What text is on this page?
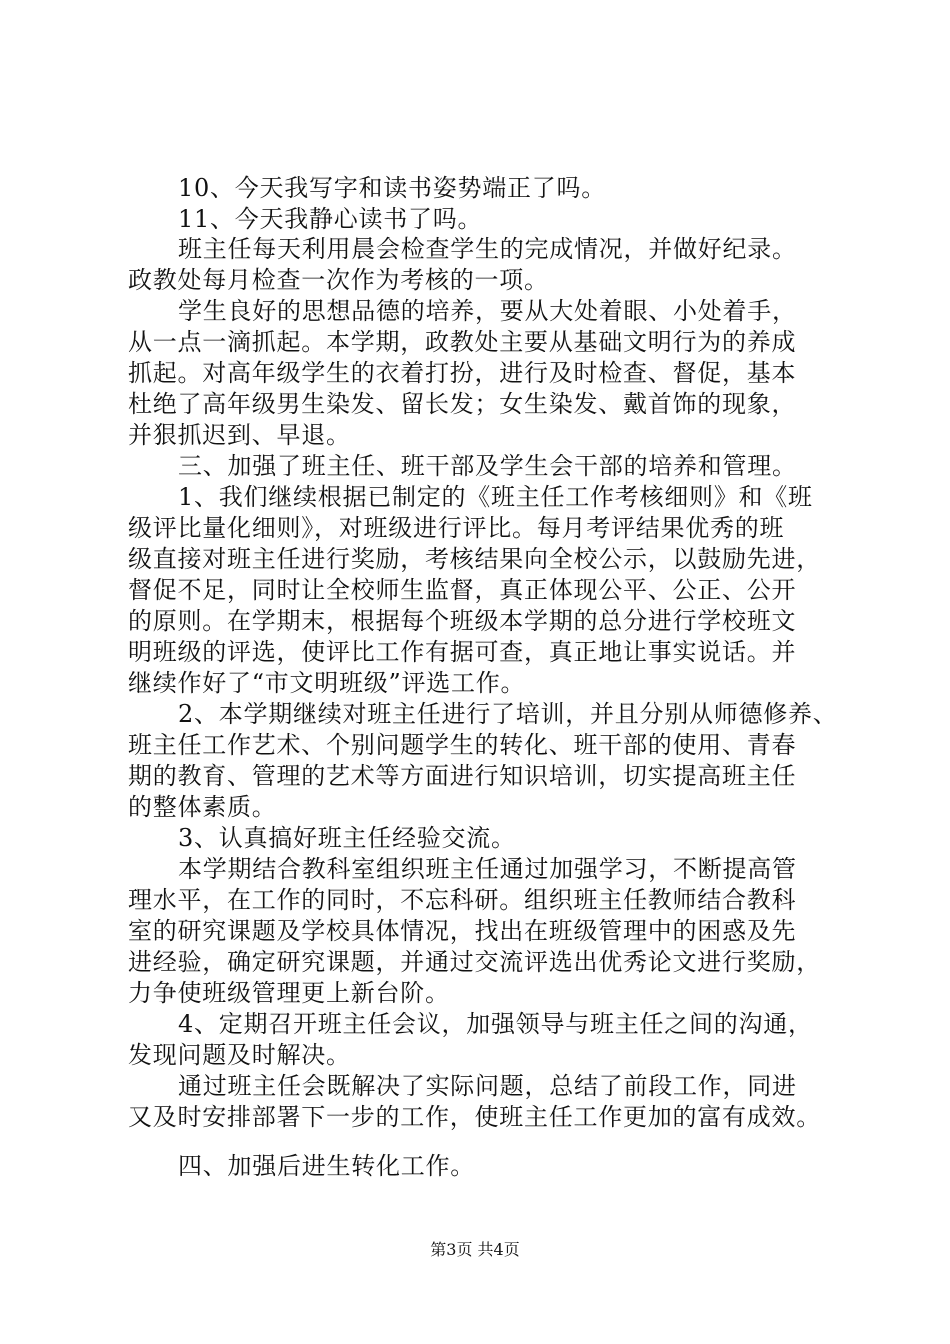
10、今天我写字和读书姿势端正了吗。

11、今天我静心读书了吗。

班主任每天利用晨会检查学生的完成情况，并做好纪录。

政教处每月检查一次作为考核的一项。

学生良好的思想品德的培养，要从大处着眼、小处着手，

从一点一滴抓起。本学期，政教处主要从基础文明行为的养成

抓起。对高年级学生的衣着打扮，进行及时检查、督促，基本

杜绝了高年级男生染发、留长发；女生染发、戴首饰的现象，

并狠抓迟到、早退。

三、加强了班主任、班干部及学生会干部的培养和管理。

1、我们继续根据已制定的《班主任工作考核细则》和《班

级评比量化细则》，对班级进行评比。每月考评结果优秀的班

级直接对班主任进行奖励，考核结果向全校公示，以鼓励先进，

督促不足，同时让全校师生监督，真正体现公平、公正、公开

的原则。在学期末，根据每个班级本学期的总分进行学校班文

明班级的评选，使评比工作有据可查，真正地让事实说话。并

继续作好了“市文明班级”评选工作。

2、本学期继续对班主任进行了培训，并且分别从师德修养、

班主任工作艺术、个别问题学生的转化、班干部的使用、青春

期的教育、管理的艺术等方面进行知识培训，切实提高班主任

的整体素质。

3、认真搞好班主任经验交流。

本学期结合教科室组织班主任通过加强学习，不断提高管

理水平，在工作的同时，不忘科研。组织班主任教师结合教科

室的研究课题及学校具体情况，找出在班级管理中的困惑及先

进经验，确定研究课题，并通过交流评选出优秀论文进行奖励，

力争使班级管理更上新台阶。

4、定期召开班主任会议，加强领导与班主任之间的沟通，

发现问题及时解决。

通过班主任会既解决了实际问题，总结了前段工作，同进

又及时安排部署下一步的工作，使班主任工作更加的富有成效。

四、加强后进生转化工作。

第3页 共4页
